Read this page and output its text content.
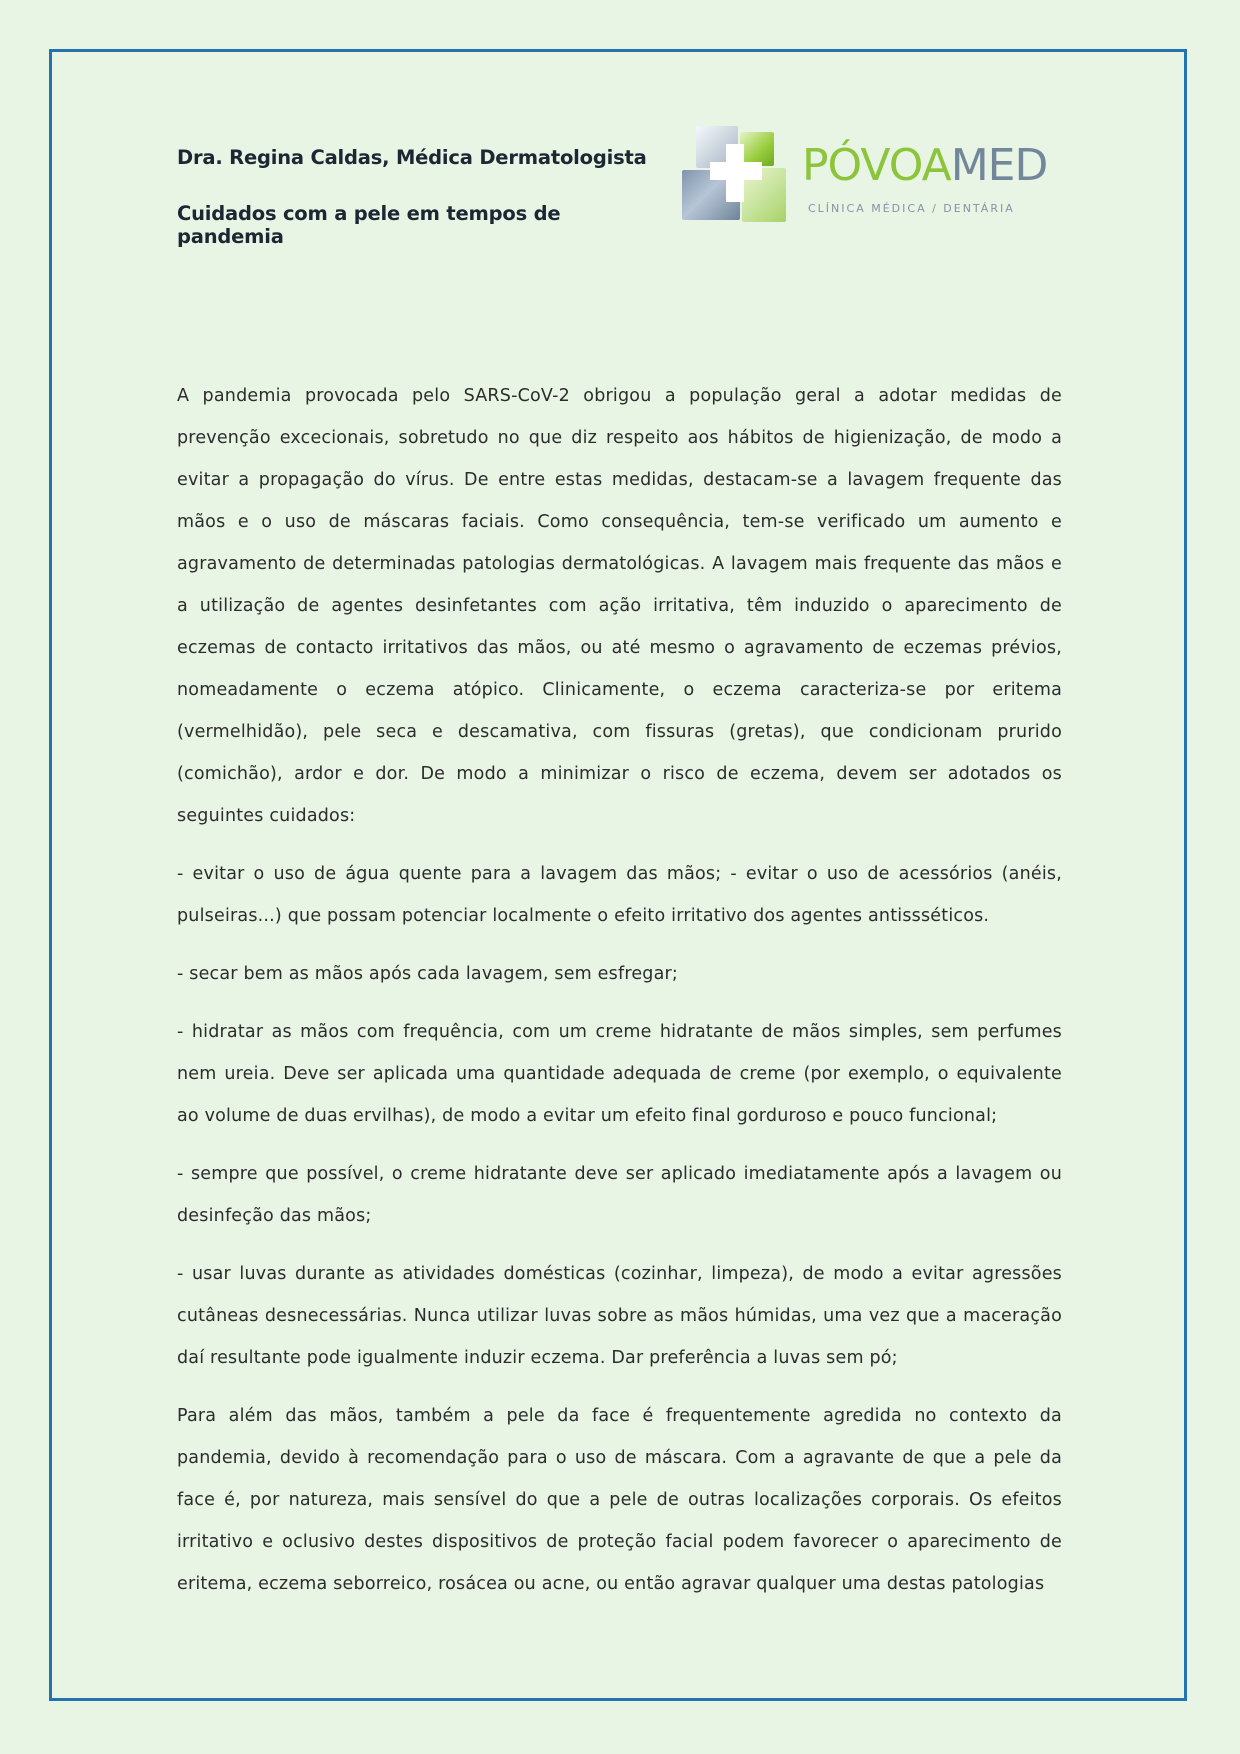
Dra. Regina Caldas, Médica Dermatologista

Cuidados com a pele em tempos de pandemia

PÓVOAMED
CLÍNICA MÉDICA / DENTÁRIA

A pandemia provocada pelo SARS-CoV-2 obrigou a população geral a adotar medidas de prevenção excecionais, sobretudo no que diz respeito aos hábitos de higienização, de modo a evitar a propagação do vírus. De entre estas medidas, destacam-se a lavagem frequente das mãos e o uso de máscaras faciais. Como consequência, tem-se verificado um aumento e agravamento de determinadas patologias dermatológicas. A lavagem mais frequente das mãos e a utilização de agentes desinfetantes com ação irritativa, têm induzido o aparecimento de eczemas de contacto irritativos das mãos, ou até mesmo o agravamento de eczemas prévios, nomeadamente o eczema atópico. Clinicamente, o eczema caracteriza-se por eritema (vermelhidão), pele seca e descamativa, com fissuras (gretas), que condicionam prurido (comichão), ardor e dor. De modo a minimizar o risco de eczema, devem ser adotados os seguintes cuidados:

- evitar o uso de água quente para a lavagem das mãos; - evitar o uso de acessórios (anéis, pulseiras...) que possam potenciar localmente o efeito irritativo dos agentes antissséticos.

- secar bem as mãos após cada lavagem, sem esfregar;

- hidratar as mãos com frequência, com um creme hidratante de mãos simples, sem perfumes nem ureia. Deve ser aplicada uma quantidade adequada de creme (por exemplo, o equivalente ao volume de duas ervilhas), de modo a evitar um efeito final gorduroso e pouco funcional;

- sempre que possível, o creme hidratante deve ser aplicado imediatamente após a lavagem ou desinfeção das mãos;

- usar luvas durante as atividades domésticas (cozinhar, limpeza), de modo a evitar agressões cutâneas desnecessárias. Nunca utilizar luvas sobre as mãos húmidas, uma vez que a maceração daí resultante pode igualmente induzir eczema. Dar preferência a luvas sem pó;

Para além das mãos, também a pele da face é frequentemente agredida no contexto da pandemia, devido à recomendação para o uso de máscara. Com a agravante de que a pele da face é, por natureza, mais sensível do que a pele de outras localizações corporais. Os efeitos irritativo e oclusivo destes dispositivos de proteção facial podem favorecer o aparecimento de eritema, eczema seborreico, rosácea ou acne, ou então agravar qualquer uma destas patologias
